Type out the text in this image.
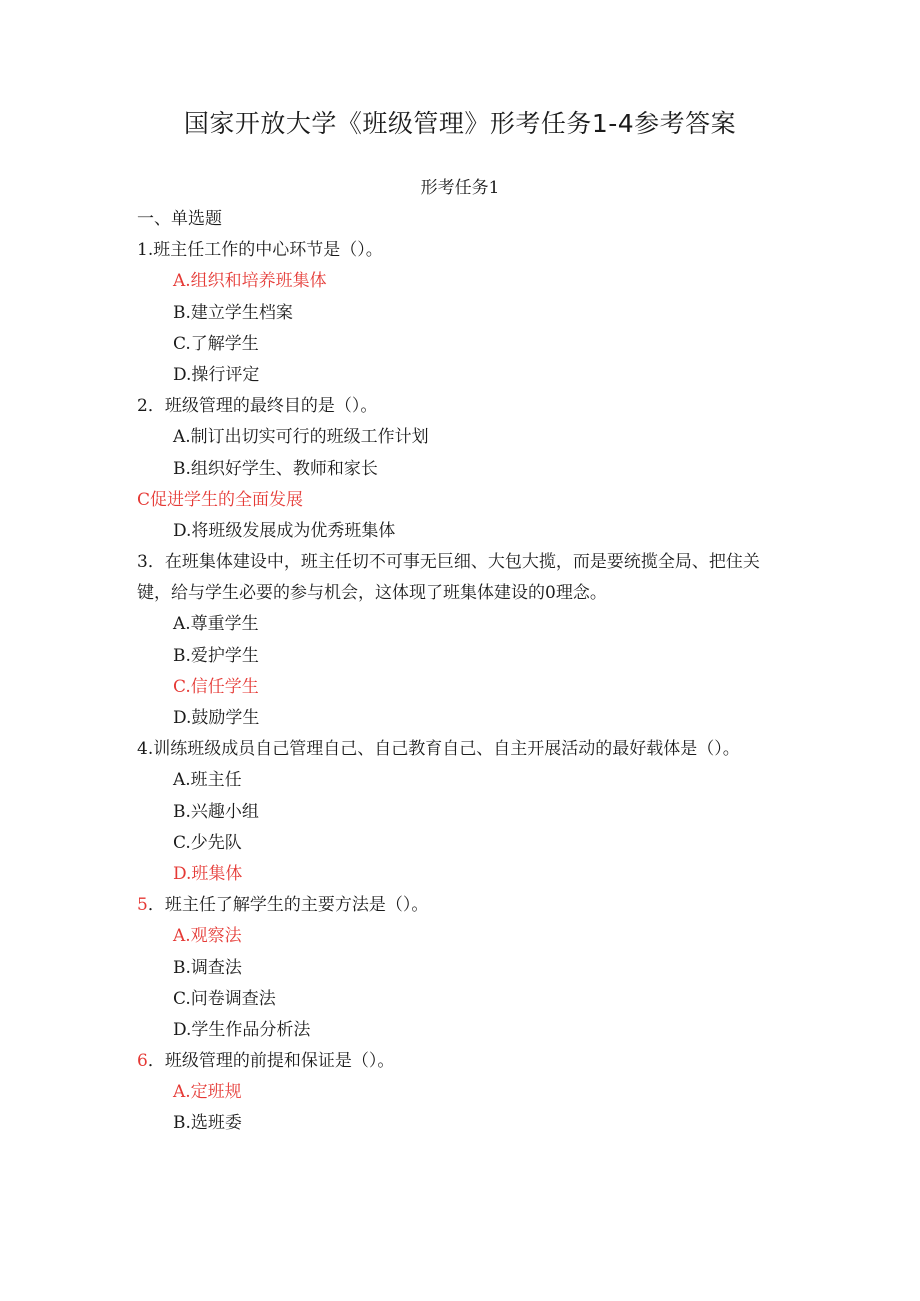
国家开放大学《班级管理》形考任务1-4参考答案
形考任务1
一、单选题
1.班主任工作的中心环节是（）。
A.组织和培养班集体
B.建立学生档案
C.了解学生
D.操行评定
2．班级管理的最终目的是（）。
A.制订出切实可行的班级工作计划
B.组织好学生、教师和家长
C促进学生的全面发展
D.将班级发展成为优秀班集体
3．在班集体建设中，班主任切不可事无巨细、大包大揽，而是要统揽全局、把住关键，给与学生必要的参与机会，这体现了班集体建设的0理念。
A.尊重学生
B.爱护学生
C.信任学生
D.鼓励学生
4.训练班级成员自己管理自己、自己教育自己、自主开展活动的最好载体是（）。
A.班主任
B.兴趣小组
C.少先队
D.班集体
5．班主任了解学生的主要方法是（）。
A.观察法
B.调查法
C.问卷调查法
D.学生作品分析法
6．班级管理的前提和保证是（）。
A.定班规
B.选班委
